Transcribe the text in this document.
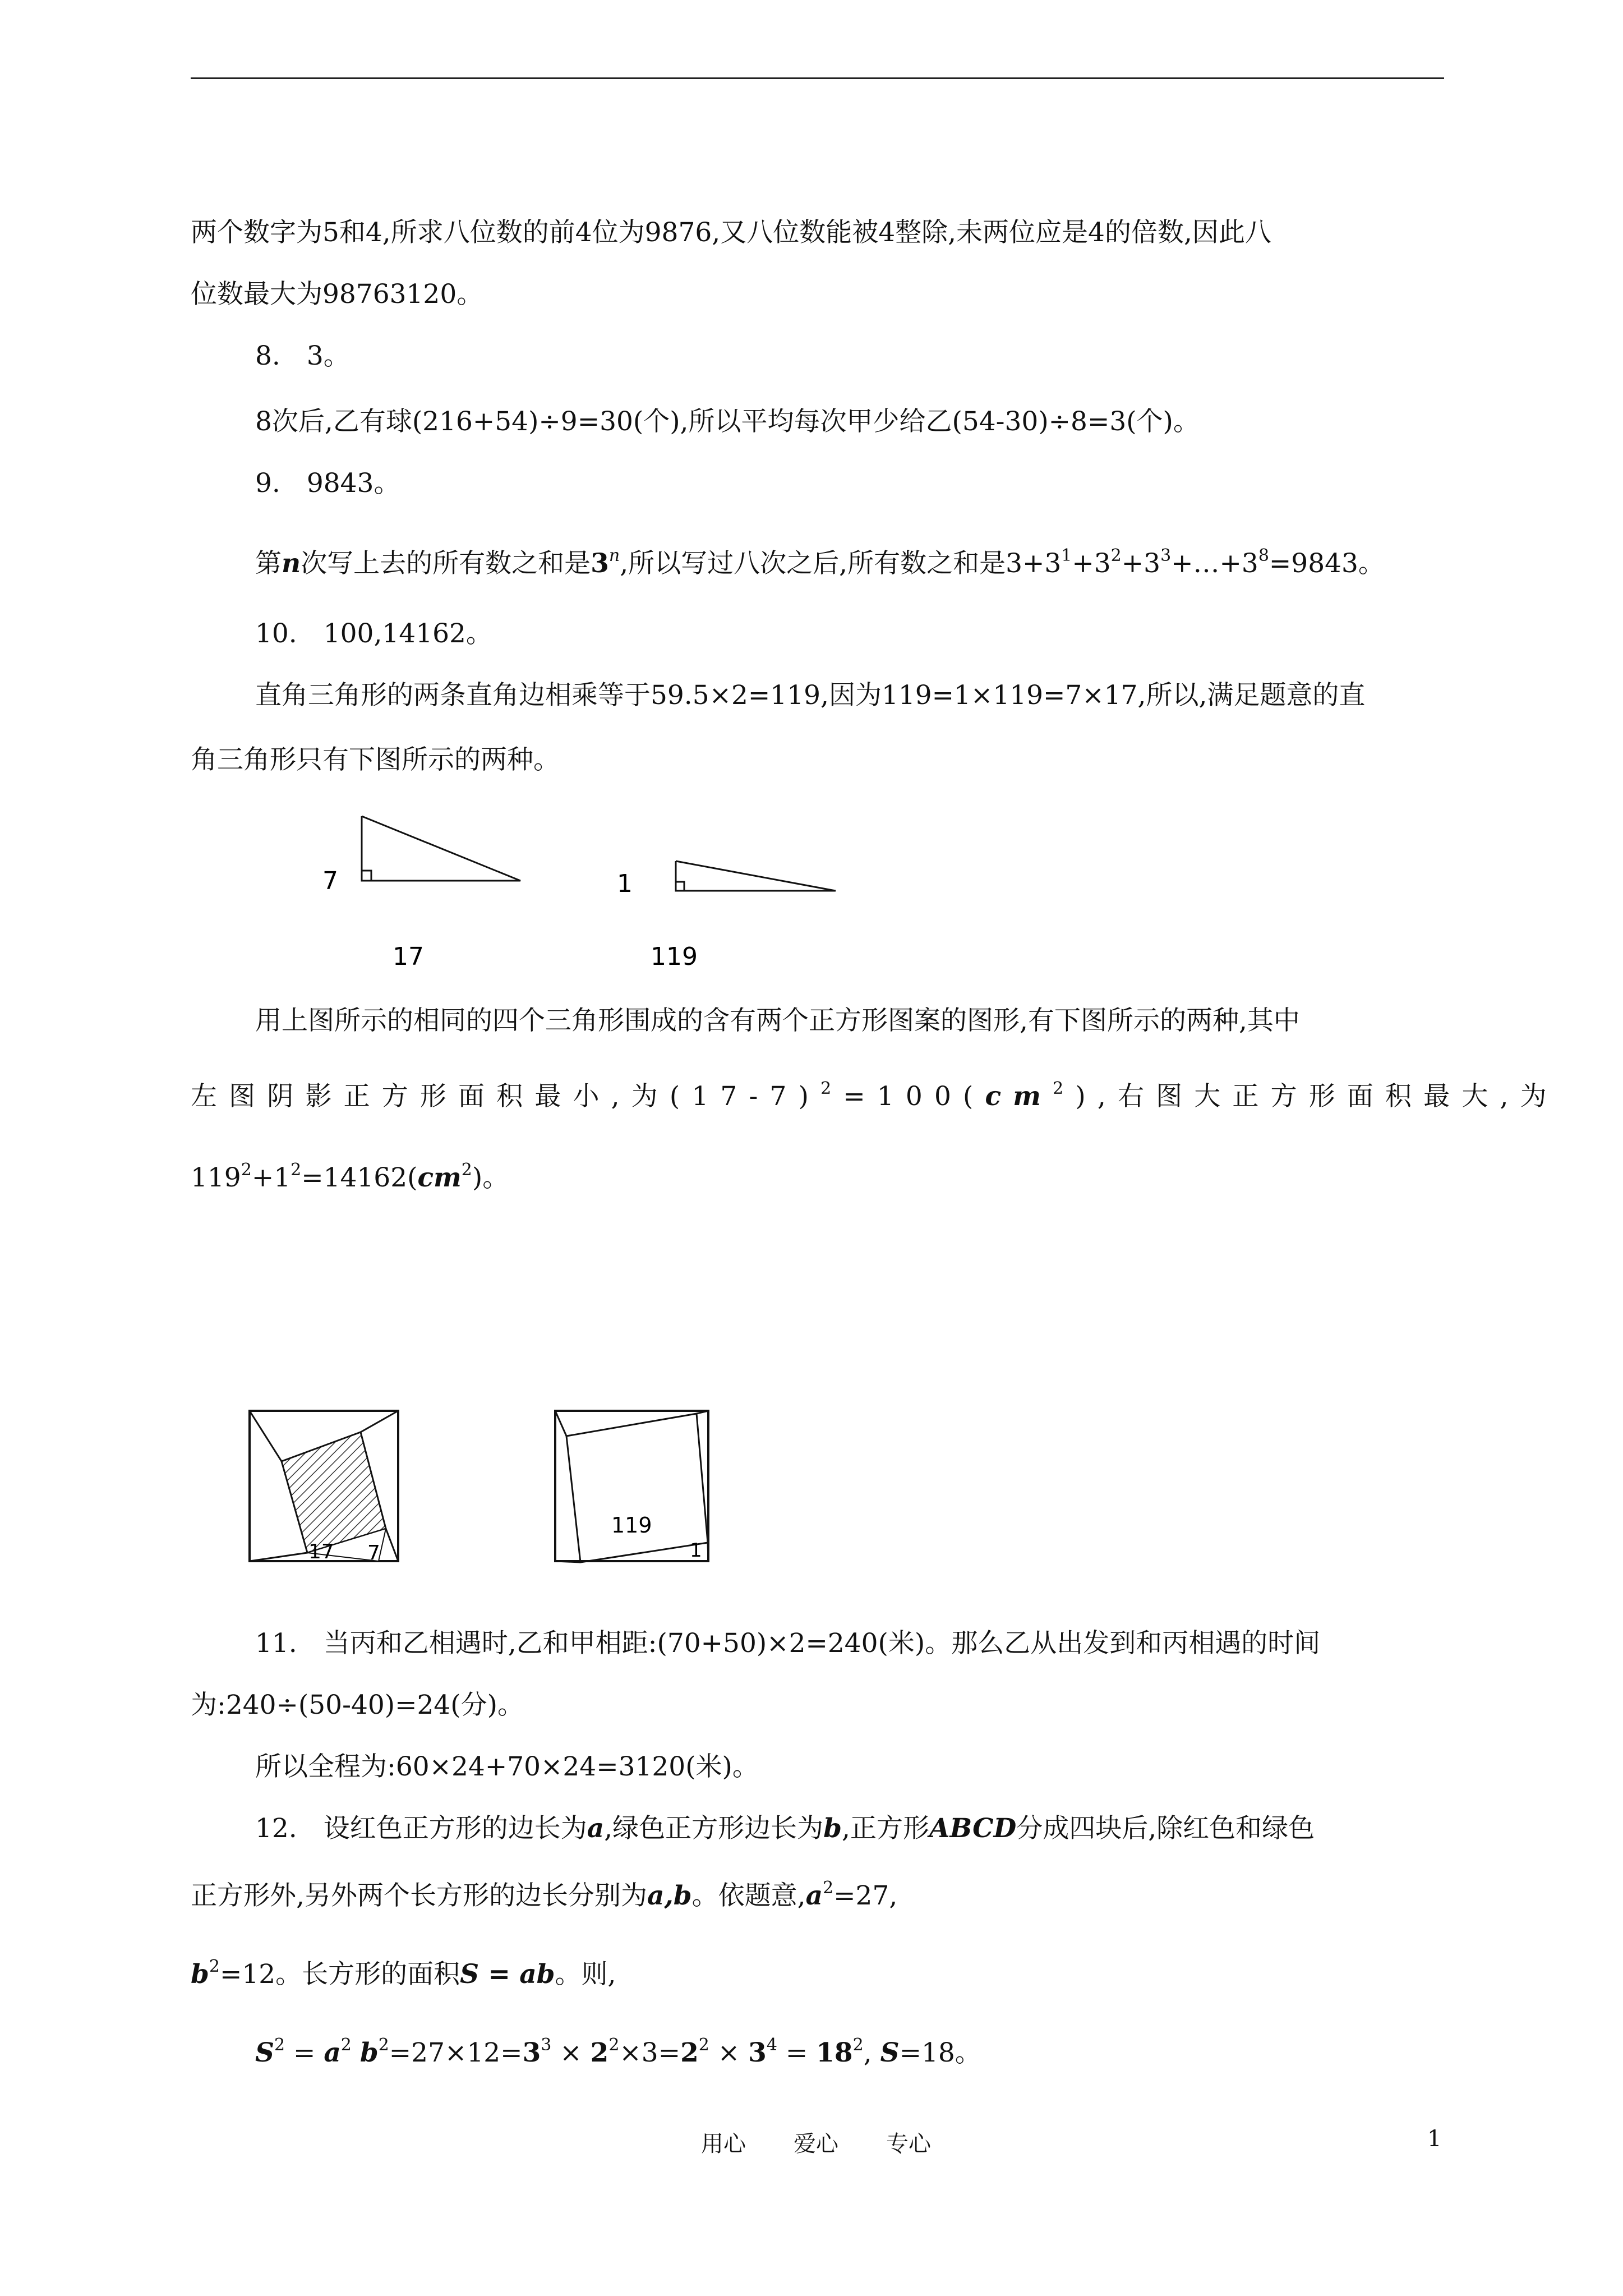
两个数字为5和4,所求八位数的前4位为9876,又八位数能被4整除,未两位应是4的倍数,因此八
位数最大为98763120。
8.　3。
8次后,乙有球(216+54)÷9=30(个),所以平均每次甲少给乙(54-30)÷8=3(个)。
9.　9843。
第n次写上去的所有数之和是3$^n$,所以写过八次之后,所有数之和是$3+3^1+3^2+3^3+\dots+3^8=9843$。
10.　100,14162。
直角三角形的两条直角边相乘等于59.5×2=119,因为119=1×119=7×17,所以,满足题意的直
角三角形只有下图所示的两种。
7
17
1
119
用上图所示的相同的四个三角形围成的含有两个正方形图案的图形,有下图所示的两种,其中
左图阴影正方形面积最小,为$(17-7)^2=100(cm^2)$,右图大正方形面积最大,为
$119^2+1^2=14162(cm^2)$。
17 7
119
1
11.　当丙和乙相遇时,乙和甲相距:(70+50)×2=240(米)。那么乙从出发到和丙相遇的时间
为:240÷(50-40)=24(分)。
所以全程为:60×24+70×24=3120(米)。
12.　设红色正方形的边长为a,绿色正方形边长为b,正方形ABCD分成四块后,除红色和绿色
正方形外,另外两个长方形的边长分别为a,b。依题意$,a^2=27$,
$b^2=12$。长方形的面积S = ab。则,
$S^2 = a^2$ $b^2=27\times 12=3^3 \times 2^2\times 3=2^2 \times 3^4 = 18^2$, S=18。
用心 爱心 专心	1
